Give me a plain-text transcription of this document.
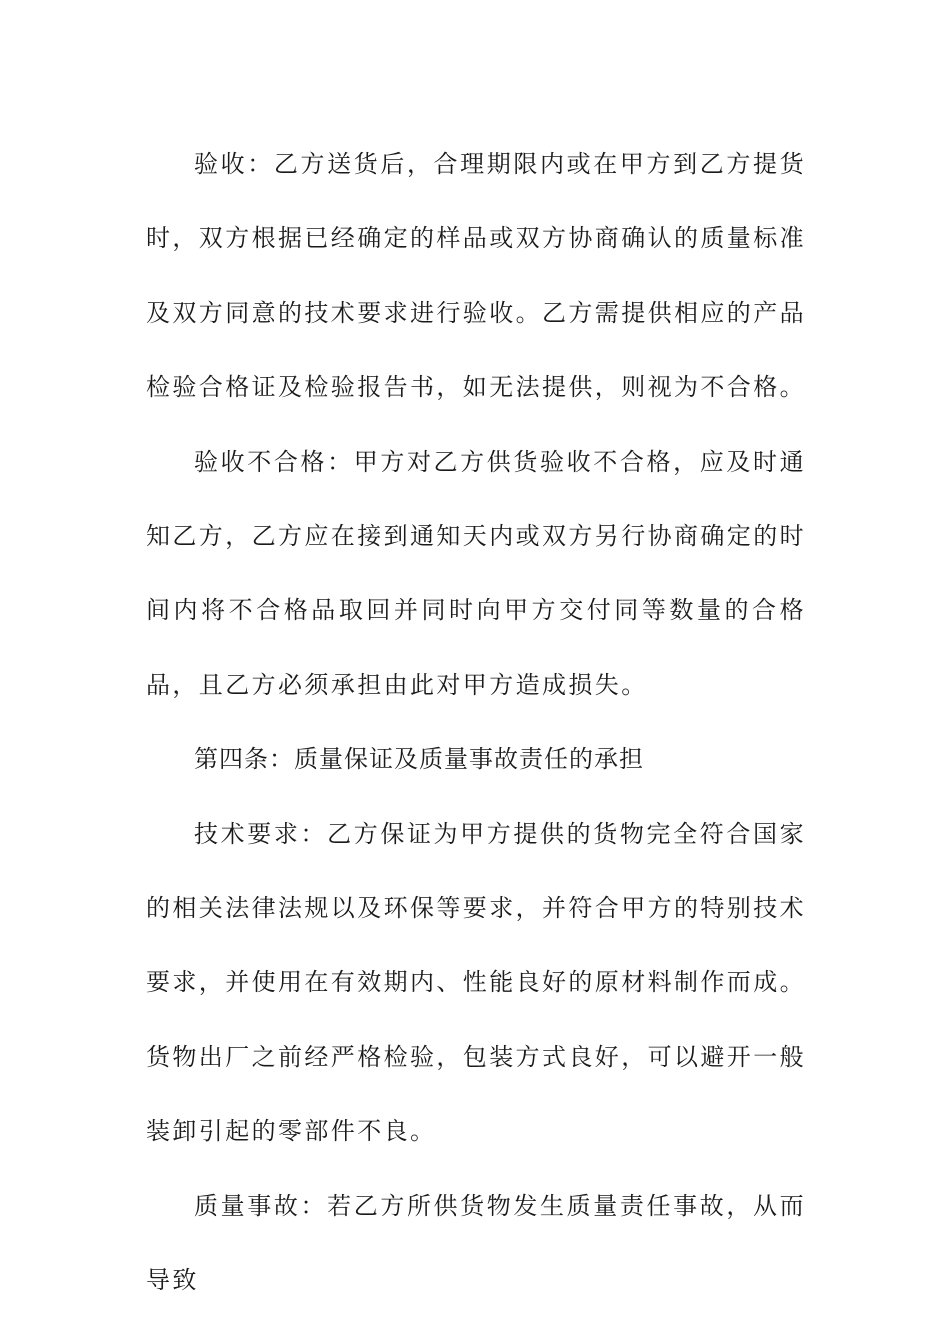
验收：乙方送货后，合理期限内或在甲方到乙方提货时，双方根据已经确定的样品或双方协商确认的质量标准及双方同意的技术要求进行验收。乙方需提供相应的产品检验合格证及检验报告书，如无法提供，则视为不合格。

验收不合格：甲方对乙方供货验收不合格，应及时通知乙方，乙方应在接到通知天内或双方另行协商确定的时间内将不合格品取回并同时向甲方交付同等数量的合格品，且乙方必须承担由此对甲方造成损失。

第四条：质量保证及质量事故责任的承担

技术要求：乙方保证为甲方提供的货物完全符合国家的相关法律法规以及环保等要求，并符合甲方的特别技术要求，并使用在有效期内、性能良好的原材料制作而成。货物出厂之前经严格检验，包装方式良好，可以避开一般装卸引起的零部件不良。

质量事故：若乙方所供货物发生质量责任事故，从而导致
